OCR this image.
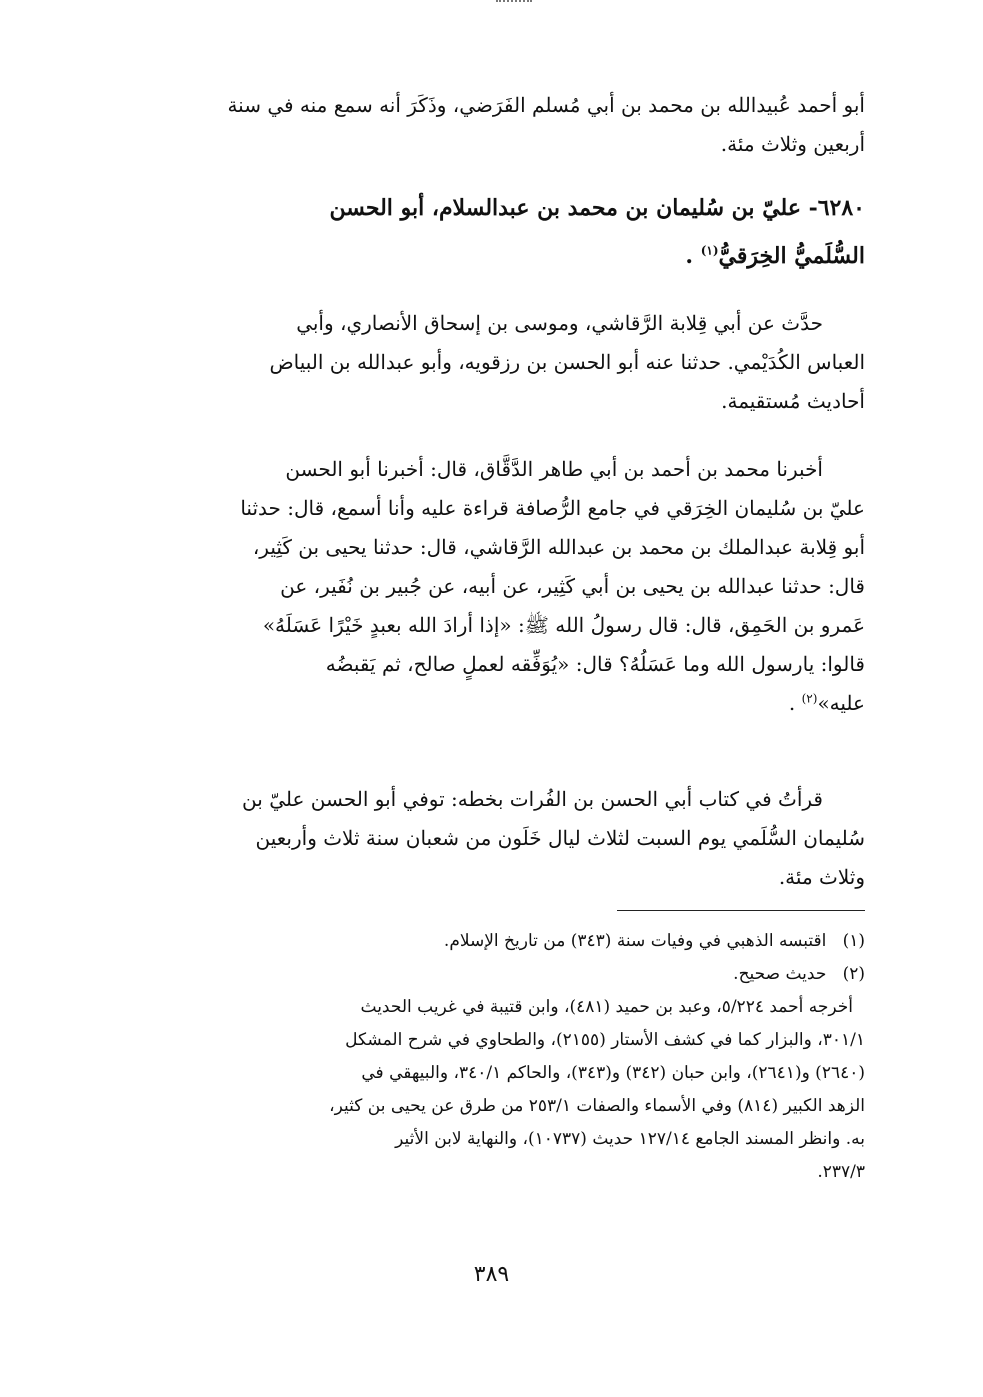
أبو أحمد عُبيدالله بن محمد بن أبي مُسلم الفَرَضي، وذَكَرَ أنه سمع منه في سنة
أربعين وثلاث مئة.
٦٢٨٠- عليّ بن سُليمان بن محمد بن عبدالسلام، أبو الحسن
السُّلَميُّ الخِرَقيُّ$^{(١)}$ .
حدَّث عن أبي قِلابة الرَّقاشي، وموسى بن إسحاق الأنصاري، وأبي
العباس الكُدَيْمي. حدثنا عنه أبو الحسن بن رزقويه، وأبو عبدالله بن البياض
أحاديث مُستقيمة.
أخبرنا محمد بن أحمد بن أبي طاهر الدَّقَّاق، قال: أخبرنا أبو الحسن
عليّ بن سُليمان الخِرَقي في جامع الرُّصافة قراءة عليه وأنا أسمع، قال: حدثنا
أبو قِلابة عبدالملك بن محمد بن عبدالله الرَّقاشي، قال: حدثنا يحيى بن كَثِير،
قال: حدثنا عبدالله بن يحيى بن أبي كَثِير، عن أبيه، عن جُبير بن نُفَير، عن
عَمرو بن الحَمِق، قال: قال رسولُ الله ﷺ: «إذا أرادَ الله بعبدٍ خَيْرًا عَسَلَهُ»
قالوا: يارسول الله وما عَسَلُهُ؟ قال: «يُوَفِّقه لعملٍ صالح، ثم يَقبضُه
عليه»$^{(٢)}$ .
قرأتُ في كتاب أبي الحسن بن الفُرات بخطه: توفي أبو الحسن عليّ بن
سُليمان السُّلَمي يوم السبت لثلاث ليال خَلَون من شعبان سنة ثلاث وأربعين
وثلاث مئة.
(١)   اقتبسه الذهبي في وفيات سنة (٣٤٣) من تاريخ الإسلام.
(٢)   حديث صحيح.
أخرجه أحمد ٥/٢٢٤، وعبد بن حميد (٤٨١)، وابن قتيبة في غريب الحديث
٣٠١/١، والبزار كما في كشف الأستار (٢١٥٥)، والطحاوي في شرح المشكل
(٢٦٤٠) و(٢٦٤١)، وابن حبان (٣٤٢) و(٣٤٣)، والحاكم ٣٤٠/١، والبيهقي في
الزهد الكبير (٨١٤) وفي الأسماء والصفات ٢٥٣/١ من طرق عن يحيى بن كثير،
به. وانظر المسند الجامع ١٢٧/١٤ حديث (١٠٧٣٧)، والنهاية لابن الأثير
٢٣٧/٣.
٣٨٩
